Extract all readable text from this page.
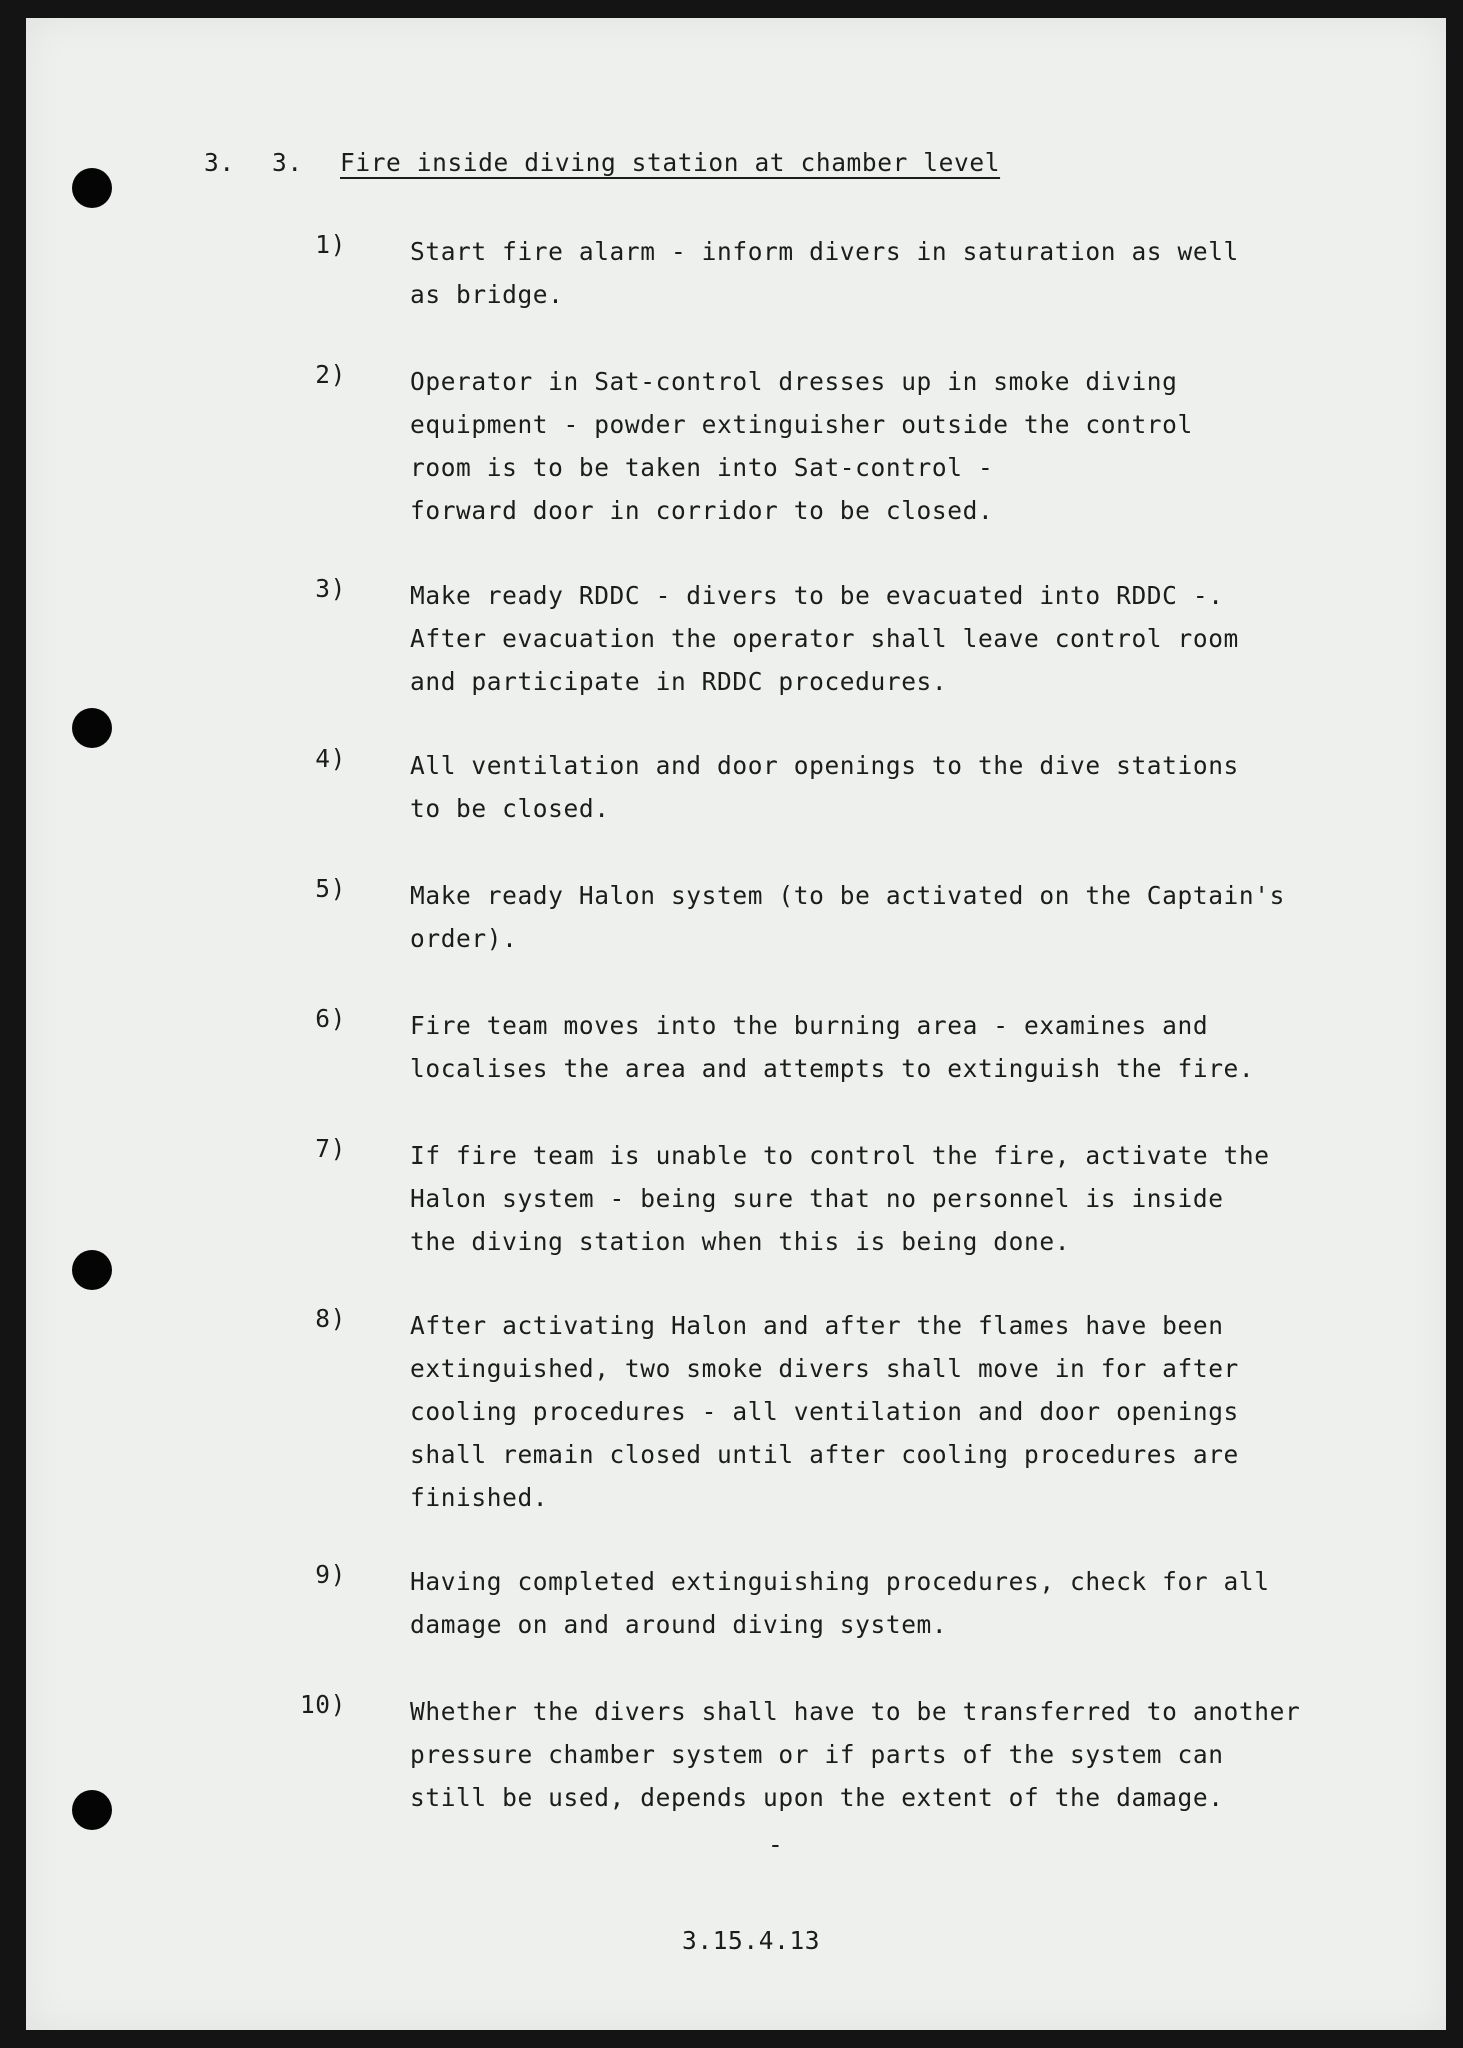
3. 3. Fire inside diving station at chamber level
1)	Start fire alarm - inform divers in saturation as well
as bridge.
2)	Operator in Sat-control dresses up in smoke diving
equipment - powder extinguisher outside the control
room is to be taken into Sat-control -
forward door in corridor to be closed.
3)	Make ready RDDC - divers to be evacuated into RDDC -.
After evacuation the operator shall leave control room
and participate in RDDC procedures.
4)	All ventilation and door openings to the dive stations
to be closed.
5)	Make ready Halon system (to be activated on the Captain's
order).
6)	Fire team moves into the burning area - examines and
localises the area and attempts to extinguish the fire.
7)	If fire team is unable to control the fire, activate the
Halon system - being sure that no personnel is inside
the diving station when this is being done.
8)	After activating Halon and after the flames have been
extinguished, two smoke divers shall move in for after
cooling procedures - all ventilation and door openings
shall remain closed until after cooling procedures are
finished.
9)	Having completed extinguishing procedures, check for all
damage on and around diving system.
10)	Whether the divers shall have to be transferred to another
pressure chamber system or if parts of the system can
still be used, depends upon the extent of the damage.
-
3.15.4.13
